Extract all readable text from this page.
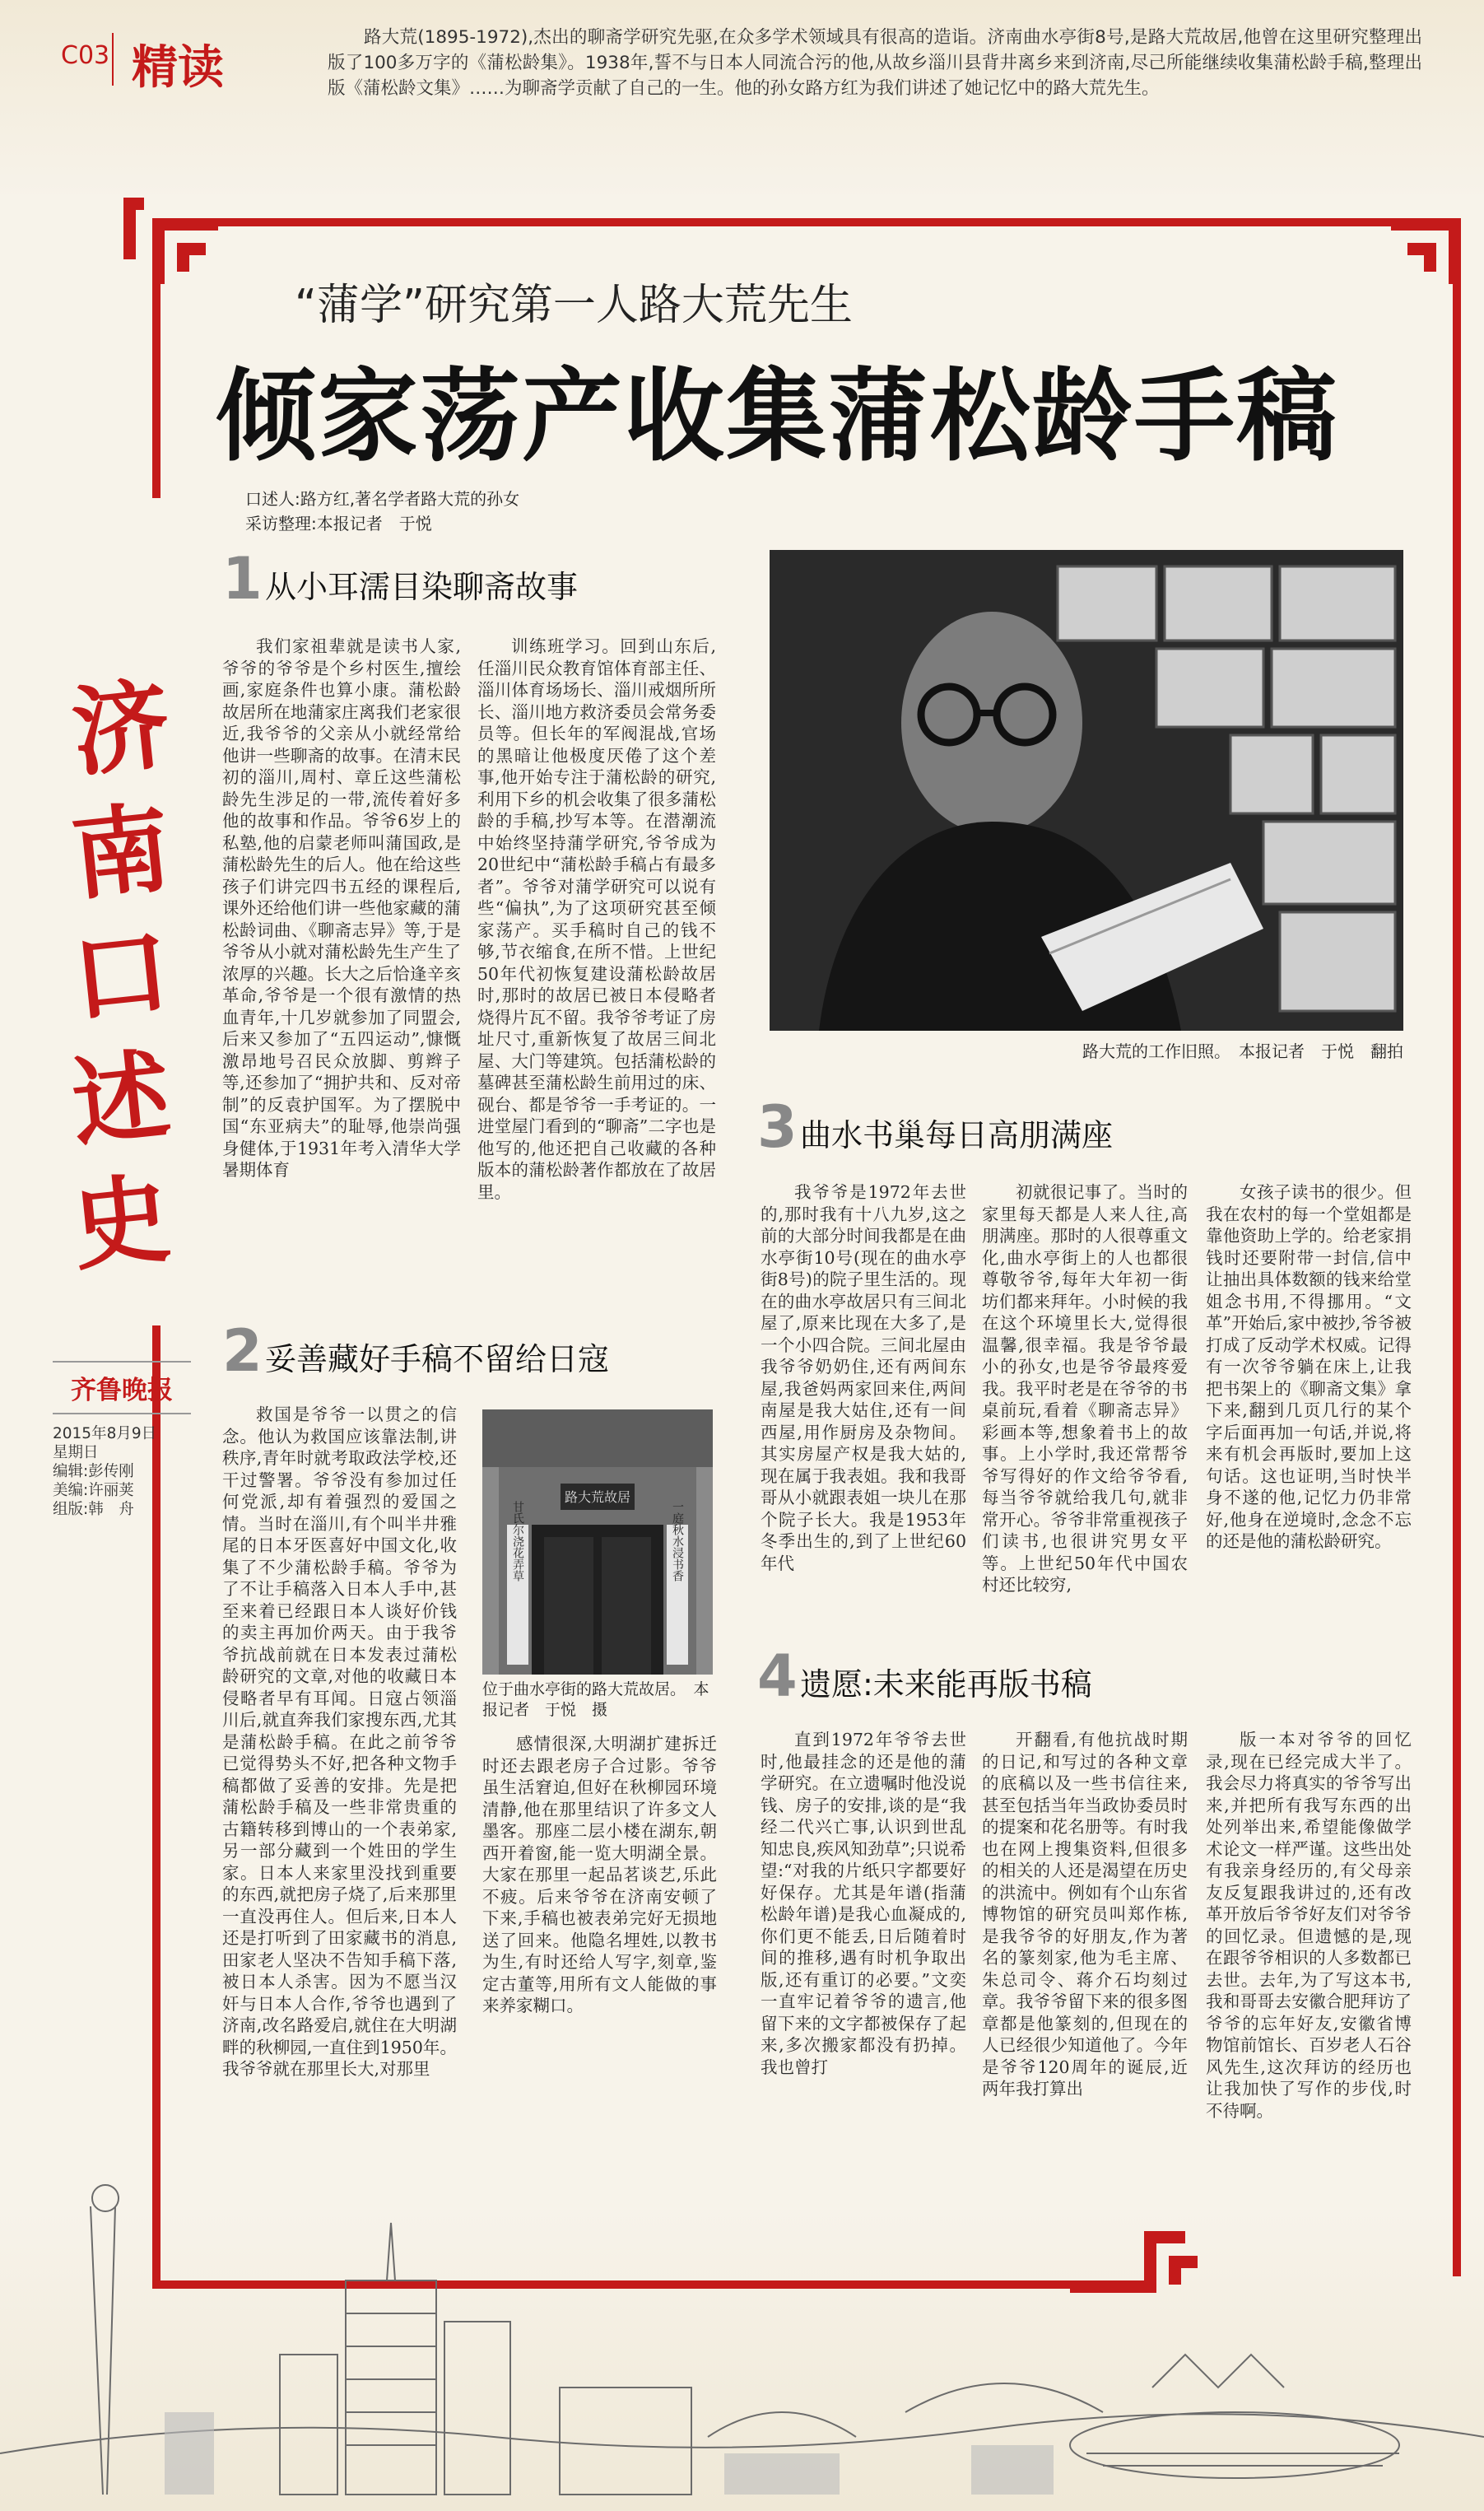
C03 精读
路大荒(1895-1972),杰出的聊斋学研究先驱,在众多学术领域具有很高的造诣。济南曲水亭街8号,是路大荒故居,他曾在这里研究整理出版了100多万字的《蒲松龄集》。1938年,誓不与日本人同流合污的他,从故乡淄川县背井离乡来到济南,尽己所能继续收集蒲松龄手稿,整理出版《蒲松龄文集》……为聊斋学贡献了自己的一生。他的孙女路方红为我们讲述了她记忆中的路大荒先生。
“蒲学”研究第一人路大荒先生
倾家荡产收集蒲松龄手稿
口述人:路方红,著名学者路大荒的孙女
采访整理:本报记者　于悦
济
南
口
述
史
齐鲁晚报
2015年8月9日
星期日
编辑:彭传刚
美编:许丽荚
组版:韩　舟
1 从小耳濡目染聊斋故事

我们家祖辈就是读书人家,爷爷的爷爷是个乡村医生,擅绘画,家庭条件也算小康。蒲松龄故居所在地蒲家庄离我们老家很近,我爷爷的父亲从小就经常给他讲一些聊斋的故事。在清末民初的淄川,周村、章丘这些蒲松龄先生涉足的一带,流传着好多他的故事和作品。爷爷6岁上的私塾,他的启蒙老师叫蒲国政,是蒲松龄先生的后人。他在给这些孩子们讲完四书五经的课程后,课外还给他们讲一些他家藏的蒲松龄词曲、《聊斋志异》等,于是爷爷从小就对蒲松龄先生产生了浓厚的兴趣。长大之后恰逢辛亥革命,爷爷是一个很有激情的热血青年,十几岁就参加了同盟会,后来又参加了“五四运动”,慷慨激昂地号召民众放脚、剪辫子等,还参加了“拥护共和、反对帝制”的反袁护国军。为了摆脱中国“东亚病夫”的耻辱,他崇尚强身健体,于1931年考入清华大学暑期体育

训练班学习。回到山东后,任淄川民众教育馆体育部主任、淄川体育场场长、淄川戒烟所所长、淄川地方救济委员会常务委员等。但长年的军阀混战,官场的黑暗让他极度厌倦了这个差事,他开始专注于蒲松龄的研究,利用下乡的机会收集了很多蒲松龄的手稿,抄写本等。在潜潮流中始终坚持蒲学研究,爷爷成为20世纪中“蒲松龄手稿占有最多者”。爷爷对蒲学研究可以说有些“偏执”,为了这项研究甚至倾家荡产。买手稿时自己的钱不够,节衣缩食,在所不惜。上世纪50年代初恢复建设蒲松龄故居时,那时的故居已被日本侵略者烧得片瓦不留。我爷爷考证了房址尺寸,重新恢复了故居三间北屋、大门等建筑。包括蒲松龄的墓碑甚至蒲松龄生前用过的床、砚台、都是爷爷一手考证的。一进堂屋门看到的“聊斋”二字也是他写的,他还把自己收藏的各种版本的蒲松龄著作都放在了故居里。

路大荒的工作旧照。　本报记者　于悦　翻拍
2 妥善藏好手稿不留给日寇

救国是爷爷一以贯之的信念。他认为救国应该靠法制,讲秩序,青年时就考取政法学校,还干过警署。爷爷没有参加过任何党派,却有着强烈的爱国之情。当时在淄川,有个叫半井雅尾的日本牙医喜好中国文化,收集了不少蒲松龄手稿。爷爷为了不让手稿落入日本人手中,甚至来着已经跟日本人谈好价钱的卖主再加价两天。由于我爷爷抗战前就在日本发表过蒲松龄研究的文章,对他的收藏日本侵略者早有耳闻。日寇占领淄川后,就直奔我们家搜东西,尤其是蒲松龄手稿。在此之前爷爷已觉得势头不好,把各种文物手稿都做了妥善的安排。先是把蒲松龄手稿及一些非常贵重的古籍转移到博山的一个表弟家,另一部分藏到一个姓田的学生家。日本人来家里没找到重要的东西,就把房子烧了,后来那里一直没再住人。但后来,日本人还是打听到了田家藏书的消息,田家老人坚决不告知手稿下落,被日本人杀害。因为不愿当汉奸与日本人合作,爷爷也遇到了济南,改名路爱启,就住在大明湖畔的秋柳园,一直住到1950年。我爷爷就在那里长大,对那里

路大荒故居
甘氏尔浇花弄草	一庭秋水浸书香
位于曲水亭街的路大荒故居。　本报记者　于悦　摄

感情很深,大明湖扩建拆迁时还去跟老房子合过影。爷爷虽生活窘迫,但好在秋柳园环境清静,他在那里结识了许多文人墨客。那座二层小楼在湖东,朝西开着窗,能一览大明湖全景。大家在那里一起品茗谈艺,乐此不疲。后来爷爷在济南安顿了下来,手稿也被表弟完好无损地送了回来。他隐名埋姓,以教书为生,有时还给人写字,刻章,鉴定古董等,用所有文人能做的事来养家糊口。

3 曲水书巢每日高朋满座

我爷爷是1972年去世的,那时我有十八九岁,这之前的大部分时间我都是在曲水亭街10号(现在的曲水亭街8号)的院子里生活的。现在的曲水亭故居只有三间北屋了,原来比现在大多了,是一个小四合院。三间北屋由我爷爷奶奶住,还有两间东屋,我爸妈两家回来住,两间南屋是我大姑住,还有一间西屋,用作厨房及杂物间。其实房屋产权是我大姑的,现在属于我表姐。我和我哥哥从小就跟表姐一块儿在那个院子长大。我是1953年冬季出生的,到了上世纪60年代

初就很记事了。当时的家里每天都是人来人往,高朋满座。那时的人很尊重文化,曲水亭街上的人也都很尊敬爷爷,每年大年初一街坊们都来拜年。小时候的我在这个环境里长大,觉得很温馨,很幸福。我是爷爷最小的孙女,也是爷爷最疼爱我。我平时老是在爷爷的书桌前玩,看着《聊斋志异》彩画本等,想象着书上的故事。上小学时,我还常帮爷爷写得好的作文给爷爷看,每当爷爷就给我几句,就非常开心。爷爷非常重视孩子们读书,也很讲究男女平等。上世纪50年代中国农村还比较穷,

女孩子读书的很少。但我在农村的每一个堂姐都是靠他资助上学的。给老家捐钱时还要附带一封信,信中让抽出具体数额的钱来给堂姐念书用,不得挪用。“文革”开始后,家中被抄,爷爷被打成了反动学术权威。记得有一次爷爷躺在床上,让我把书架上的《聊斋文集》拿下来,翻到几页几行的某个字后面再加一句话,并说,将来有机会再版时,要加上这句话。这也证明,当时快半身不遂的他,记忆力仍非常好,他身在逆境时,念念不忘的还是他的蒲松龄研究。

4 遗愿:未来能再版书稿

直到1972年爷爷去世时,他最挂念的还是他的蒲学研究。在立遗嘱时他没说钱、房子的安排,谈的是“我经二代兴亡事,认识到世乱知忠良,疾风知劲草”;只说希望:“对我的片纸只字都要好好保存。尤其是年谱(指蒲松龄年谱)是我心血凝成的,你们更不能丢,日后随着时间的推移,遇有时机争取出版,还有重订的必要。”文奕一直牢记着爷爷的遗言,他留下来的文字都被保存了起来,多次搬家都没有扔掉。我也曾打

开翻看,有他抗战时期的日记,和写过的各种文章的底稿以及一些书信往来,甚至包括当年当政协委员时的提案和花名册等。有时我也在网上搜集资料,但很多的相关的人还是渴望在历史的洪流中。例如有个山东省博物馆的研究员叫郑作栋,是我爷爷的好朋友,作为著名的篆刻家,他为毛主席、朱总司令、蒋介石均刻过章。我爷爷留下来的很多图章都是他篆刻的,但现在的人已经很少知道他了。今年是爷爷120周年的诞辰,近两年我打算出

版一本对爷爷的回忆录,现在已经完成大半了。我会尽力将真实的爷爷写出来,并把所有我写东西的出处列举出来,希望能像做学术论文一样严谨。这些出处有我亲身经历的,有父母亲友反复跟我讲过的,还有改革开放后爷爷好友们对爷爷的回忆录。但遗憾的是,现在跟爷爷相识的人多数都已去世。去年,为了写这本书,我和哥哥去安徽合肥拜访了爷爷的忘年好友,安徽省博物馆前馆长、百岁老人石谷风先生,这次拜访的经历也让我加快了写作的步伐,时不待啊。
